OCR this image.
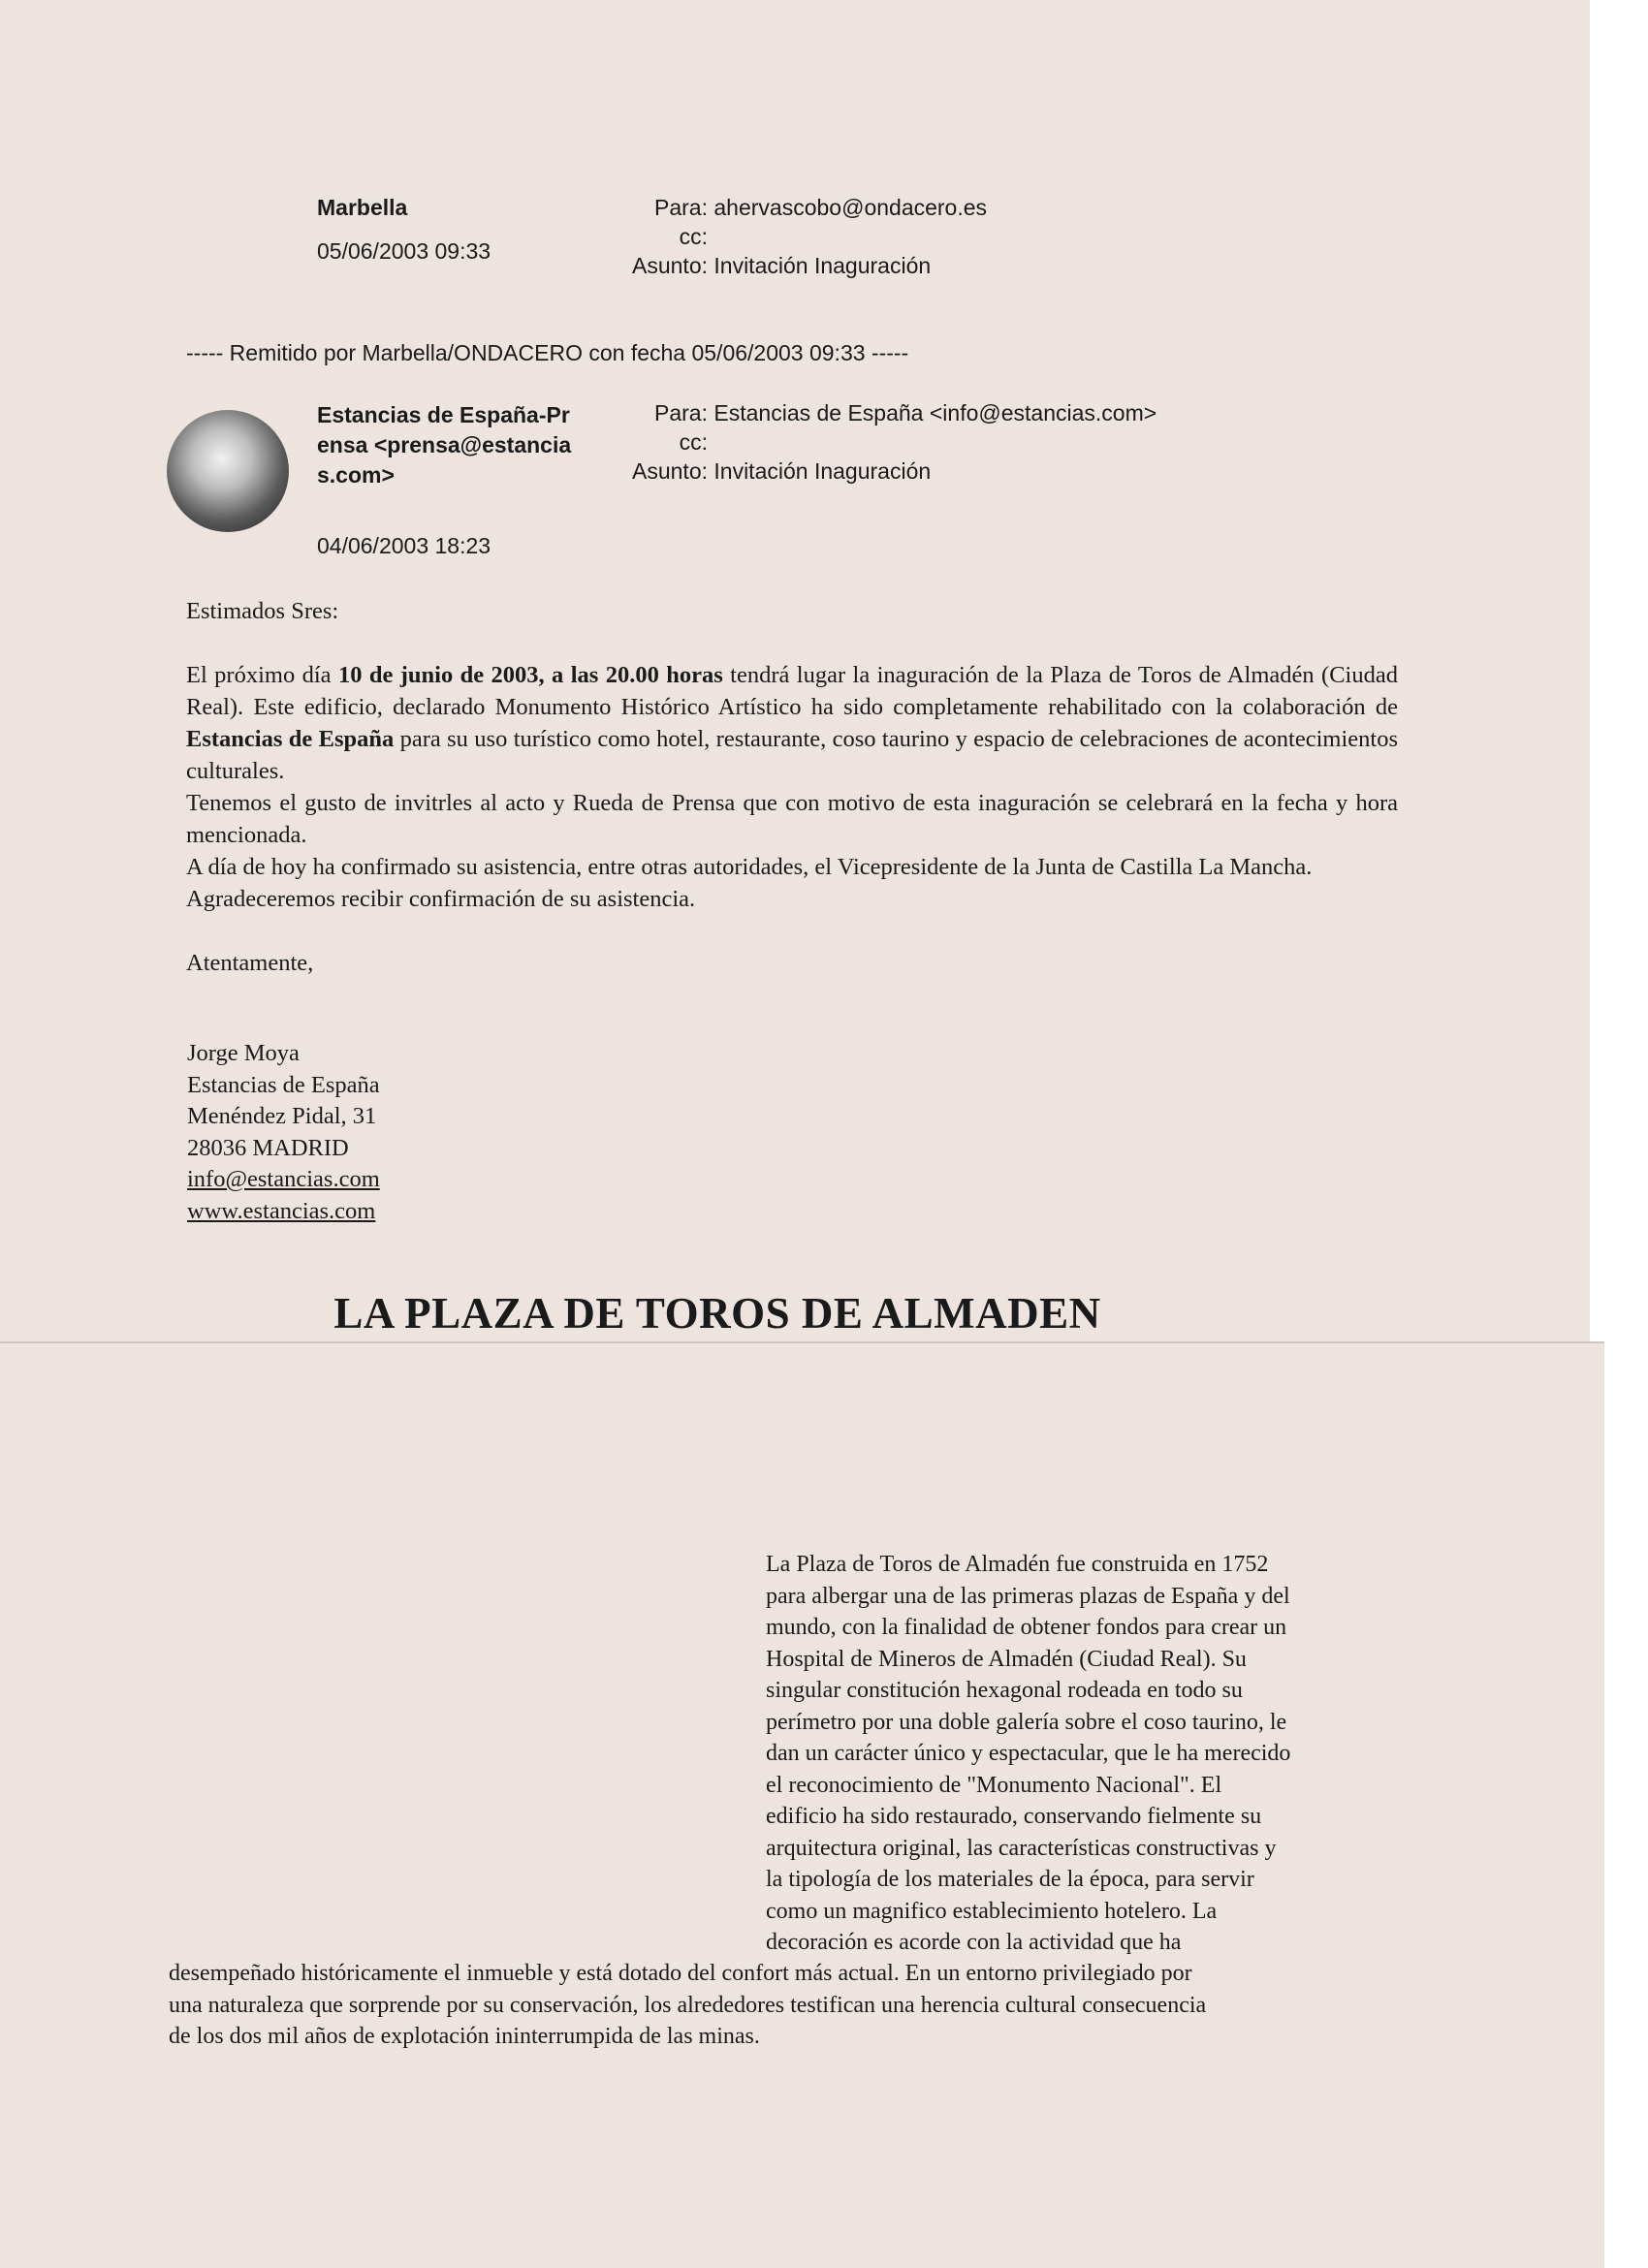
Marbella
05/06/2003 09:33
Para: ahervascobo@ondacero.es
cc:
Asunto: Invitación Inaguración
----- Remitido por Marbella/ONDACERO con fecha 05/06/2003 09:33 -----
Estancias de España-Prensa <prensa@estancias.com>
04/06/2003 18:23
Para: Estancias de España <info@estancias.com>
cc:
Asunto: Invitación Inaguración

Estimados Sres:

El próximo día 10 de junio de 2003, a las 20.00 horas tendrá lugar la inaguración de la Plaza de Toros de Almadén (Ciudad Real). Este edificio, declarado Monumento Histórico Artístico ha sido completamente rehabilitado con la colaboración de Estancias de España para su uso turístico como hotel, restaurante, coso taurino y espacio de celebraciones de acontecimientos culturales.

Tenemos el gusto de invitrles al acto y Rueda de Prensa que con motivo de esta inaguración se celebrará en la fecha y hora mencionada.

A día de hoy ha confirmado su asistencia, entre otras autoridades, el Vicepresidente de la Junta de Castilla La Mancha.

Agradeceremos recibir confirmación de su asistencia.

Atentamente,

Jorge Moya
Estancias de España
Menéndez Pidal, 31
28036 MADRID
info@estancias.com
www.estancias.com
LA PLAZA DE TOROS DE ALMADEN
La Plaza de Toros de Almadén fue construida en 1752
para albergar una de las primeras plazas de España y del
mundo, con la finalidad de obtener fondos para crear un
Hospital de Mineros de Almadén (Ciudad Real). Su
singular constitución hexagonal rodeada en todo su
perímetro por una doble galería sobre el coso taurino, le
dan un carácter único y espectacular, que le ha merecido
el reconocimiento de "Monumento Nacional". El
edificio ha sido restaurado, conservando fielmente su
arquitectura original, las características constructivas y
la tipología de los materiales de la época, para servir
como un magnifico establecimiento hotelero. La
decoración es acorde con la actividad que ha
desempeñado históricamente el inmueble y está dotado del confort más actual. En un entorno privilegiado por
una naturaleza que sorprende por su conservación, los alrededores testifican una herencia cultural consecuencia
de los dos mil años de explotación ininterrumpida de las minas.
